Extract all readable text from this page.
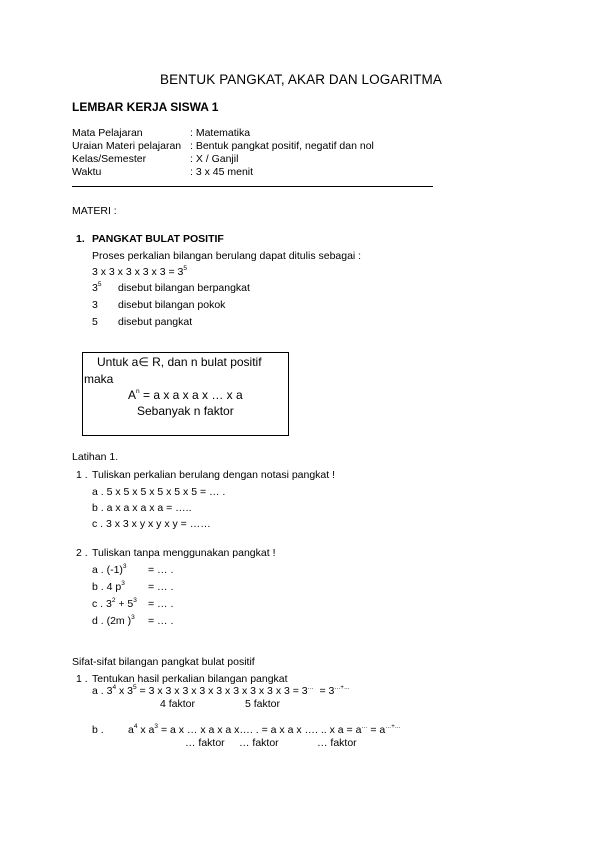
BENTUK PANGKAT, AKAR DAN LOGARITMA
LEMBAR KERJA SISWA 1
Mata Pelajaran	: Matematika
Uraian Materi pelajaran : Bentuk pangkat positif, negatif dan nol
Kelas/Semester	: X / Ganjil
Waktu	: 3 x 45 menit
MATERI :
1. PANGKAT BULAT POSITIF
Proses perkalian bilangan berulang dapat ditulis sebagai :
3 x 3 x 3 x 3 x $3 = 3^5$
$3^5$ disebut bilangan berpangkat
3 disebut bilangan pokok
5 disebut pangkat
Untuk a∈ R, dan n bulat positif
maka
$A^n = a$ x a x a x … x a
Sebanyak n faktor
Latihan 1.
1 . Tuliskan perkalian berulang dengan notasi pangkat !
a . 5 x 5 x 5 x 5 x 5 x 5 = … .
b . a x a x a x a = …..
c . 3 x 3 x y x y x y = ……
2 . Tuliskan tanpa menggunakan pangkat !
a . $(-1)^3$ = … .
b . 4 $p^3$ = … .
c . $3^2 + 5^3$ = … .
d . (2m )$^3$ = … .
Sifat-sifat bilangan pangkat bulat positif
1 . Tentukan hasil perkalian bilangan pangkat
a . $3^4$ x $3^5 = 3$ x 3 x 3 x 3 x 3 x 3 x 3 x 3 x 3 = 3… = 3…+…
4 faktor	5 faktor
b . $a^4$ x $a^3 = a$ x … x a x a x…. . = a x a x …. .. x a = a… = a…+…
… faktor … faktor	… faktor
